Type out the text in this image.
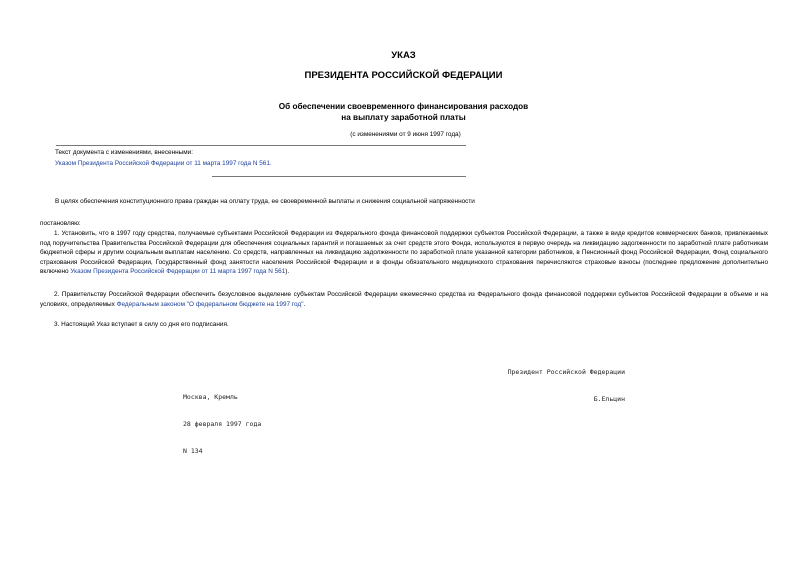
УКАЗ
ПРЕЗИДЕНТА РОССИЙСКОЙ ФЕДЕРАЦИИ
Об обеспечении своевременного финансирования расходов
на выплату заработной платы
(с изменениями от 9 июня 1997 года)
Текст документа с изменениями, внесенными:
Указом Президента Российской Федерации от 11 марта 1997 года N 561.
В целях обеспечения конституционного права граждан на оплату труда, ее своевременной выплаты и снижения социальной напряженности
постановляю:
1. Установить, что в 1997 году средства, получаемые субъектами Российской Федерации из Федерального фонда финансовой поддержки субъектов Российской Федерации, а также в виде кредитов коммерческих банков, привлекаемых под поручительства Правительства Российской Федерации для обеспечения социальных гарантий и погашаемых за счет средств этого Фонда, используются в первую очередь на ликвидацию задолженности по заработной плате работникам бюджетной сферы и другим социальным выплатам населению. Со средств, направленных на ликвидацию задолженности по заработной плате указанной категории работников, в Пенсионный фонд Российской Федерации, Фонд социального страхования Российской Федерации, Государственный фонд занятости населения Российской Федерации и в фонды обязательного медицинского страхования перечисляются страховые взносы (последнее предложение дополнительно включено Указом Президента Российской Федерации от 11 марта 1997 года N 561).
2. Правительству Российской Федерации обеспечить безусловное выделение субъектам Российской Федерации ежемесячно средства из Федерального фонда финансовой поддержки субъектов Российской Федерации в объеме и на условиях, определяемых Федеральным законом "О федеральном бюджете на 1997 год".
3. Настоящий Указ вступает в силу со дня его подписания.

Президент Российской Федерации

Б.Ельцин

Москва, Кремль

28 февраля 1997 года

N 134
